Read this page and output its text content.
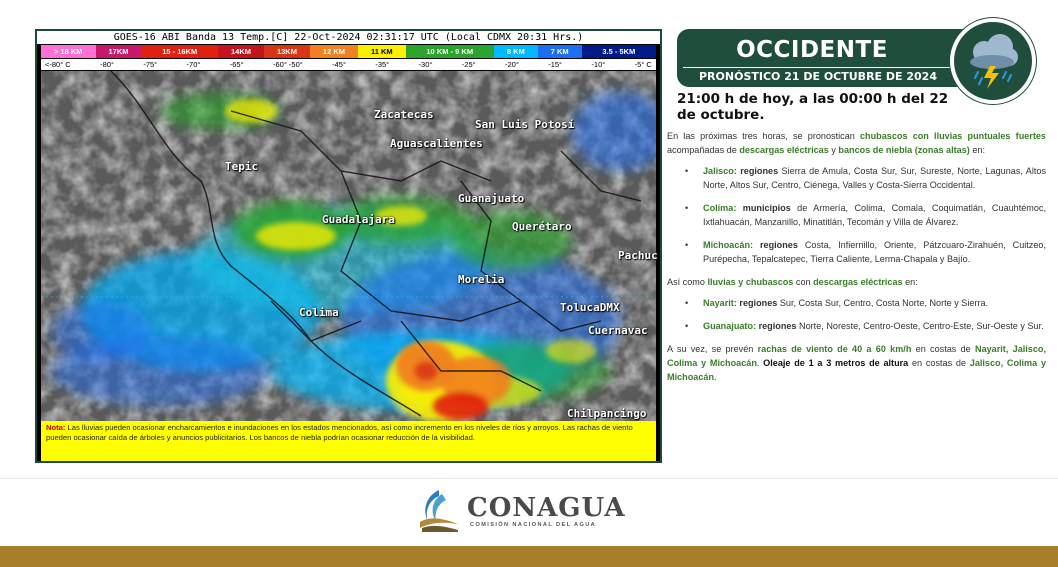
GOES-16 ABI Banda 13 Temp.[C] 22-Oct-2024 02:31:17 UTC (Local CDMX 20:31 Hrs.)
> 18 KM	17KM	15 - 16KM	14KM	13KM	12 KM	11 KM	10 KM - 9 KM	8 KM	7 KM	3.5 - 5KM
<-80° C	-80°	-75°	-70°	-65°	-60° -50°	-45°	-35°	-30°	-25°	-20°	-15°	-10°	-5° C
Zacatecas
San Luis Potosí
Aguascalientes
Tepic
Guanajuato
Guadalajara
Querétaro
Pachuc
Morelia
TolucaDMX
Colima
Cuernavac
Chilpancingo
Nota: Las lluvias pueden ocasionar encharcamientos e inundaciones en los estados mencionados, así como incremento en los niveles de ríos y arroyos. Las rachas de viento pueden ocasionar caída de árboles y anuncios publicitarios. Los bancos de niebla podrían ocasionar reducción de la visibilidad.
OCCIDENTE
PRONÓSTICO 21 DE OCTUBRE DE 2024
21:00 h de hoy, a las 00:00 h del 22 de octubre.

En las próximas tres horas, se pronostican chubascos con lluvias puntuales fuertes acompañadas de descargas eléctricas y bancos de niebla (zonas altas) en:

• Jalisco: regiones Sierra de Amula, Costa Sur, Sur, Sureste, Norte, Lagunas, Altos Norte, Altos Sur, Centro, Ciénega, Valles y Costa-Sierra Occidental.
• Colima: municipios de Armería, Colima, Comala, Coquimatlán, Cuauhtémoc, Ixtlahuacán, Manzanillo, Minatitlán, Tecomán y Villa de Álvarez.
• Michoacán: regiones Costa, Infiernillo, Oriente, Pátzcuaro-Zirahuén, Cuitzeo, Purépecha, Tepalcatepec, Tierra Caliente, Lerma-Chapala y Bajío.

Así como lluvias y chubascos con descargas eléctricas en:

• Nayarit: regiones Sur, Costa Sur, Centro, Costa Norte, Norte y Sierra.
• Guanajuato: regiones Norte, Noreste, Centro-Oeste, Centro-Este, Sur-Oeste y Sur.

A su vez, se prevén rachas de viento de 40 a 60 km/h en costas de Nayarit, Jalisco, Colima y Michoacán. Oleaje de 1 a 3 metros de altura en costas de Jalisco, Colima y Michoacán.

CONAGUA
COMISIÓN NACIONAL DEL AGUA
